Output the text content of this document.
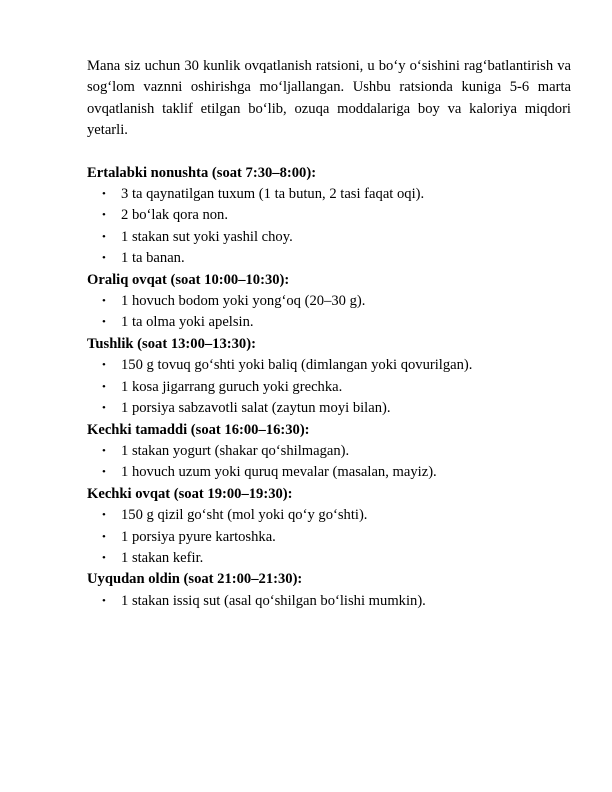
Mana siz uchun 30 kunlik ovqatlanish ratsioni, u bo‘y o‘sishini rag‘batlantirish va sog‘lom vaznni oshirishga mo‘ljallangan. Ushbu ratsionda kuniga 5-6 marta ovqatlanish taklif etilgan bo‘lib, ozuqa moddalariga boy va kaloriya miqdori yetarli.

Ertalabki nonushta (soat 7:30–8:00):

• 3 ta qaynatilgan tuxum (1 ta butun, 2 tasi faqat oqi).
• 2 bo‘lak qora non.
• 1 stakan sut yoki yashil choy.
• 1 ta banan.

Oraliq ovqat (soat 10:00–10:30):

• 1 hovuch bodom yoki yong‘oq (20–30 g).
• 1 ta olma yoki apelsin.

Tushlik (soat 13:00–13:30):

• 150 g tovuq go‘shti yoki baliq (dimlangan yoki qovurilgan).
• 1 kosa jigarrang guruch yoki grechka.
• 1 porsiya sabzavotli salat (zaytun moyi bilan).

Kechki tamaddi (soat 16:00–16:30):

• 1 stakan yogurt (shakar qo‘shilmagan).
• 1 hovuch uzum yoki quruq mevalar (masalan, mayiz).

Kechki ovqat (soat 19:00–19:30):

• 150 g qizil go‘sht (mol yoki qo‘y go‘shti).
• 1 porsiya pyure kartoshka.
• 1 stakan kefir.

Uyqudan oldin (soat 21:00–21:30):

• 1 stakan issiq sut (asal qo‘shilgan bo‘lishi mumkin).
